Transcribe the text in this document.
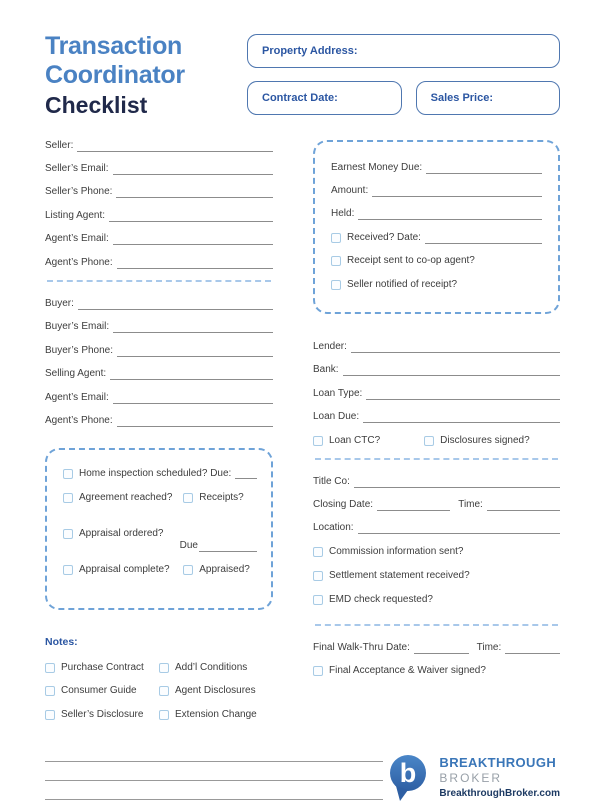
Transaction
Coordinator
Checklist
Property Address:
Contract Date:	Sales Price:
Seller:
Seller’s Email:
Seller’s Phone:
Listing Agent:
Agent’s Email:
Agent’s Phone:
Buyer:
Buyer’s Email:
Buyer’s Phone:
Selling Agent:
Agent’s Email:
Agent’s Phone:
Home inspection scheduled? Due:
Agreement reached?	Receipts?
Appraisal ordered?
Due
Appraisal complete?	Appraised?
Notes:
Purchase Contract	Add’l Conditions
Consumer Guide	Agent Disclosures
Seller’s Disclosure	Extension Change
Earnest Money Due:
Amount:
Held:
Received? Date:
Receipt sent to co-op agent?
Seller notified of receipt?
Lender:
Bank:
Loan Type:
Loan Due:
Loan CTC?	Disclosures signed?
Title Co:
Closing Date:	Time:
Location:
Commission information sent?
Settlement statement received?
EMD check requested?
Final Walk-Thru Date:	Time:
Final Acceptance & Waiver signed?
b BREAKTHROUGH
BROKER
BreakthroughBroker.com
